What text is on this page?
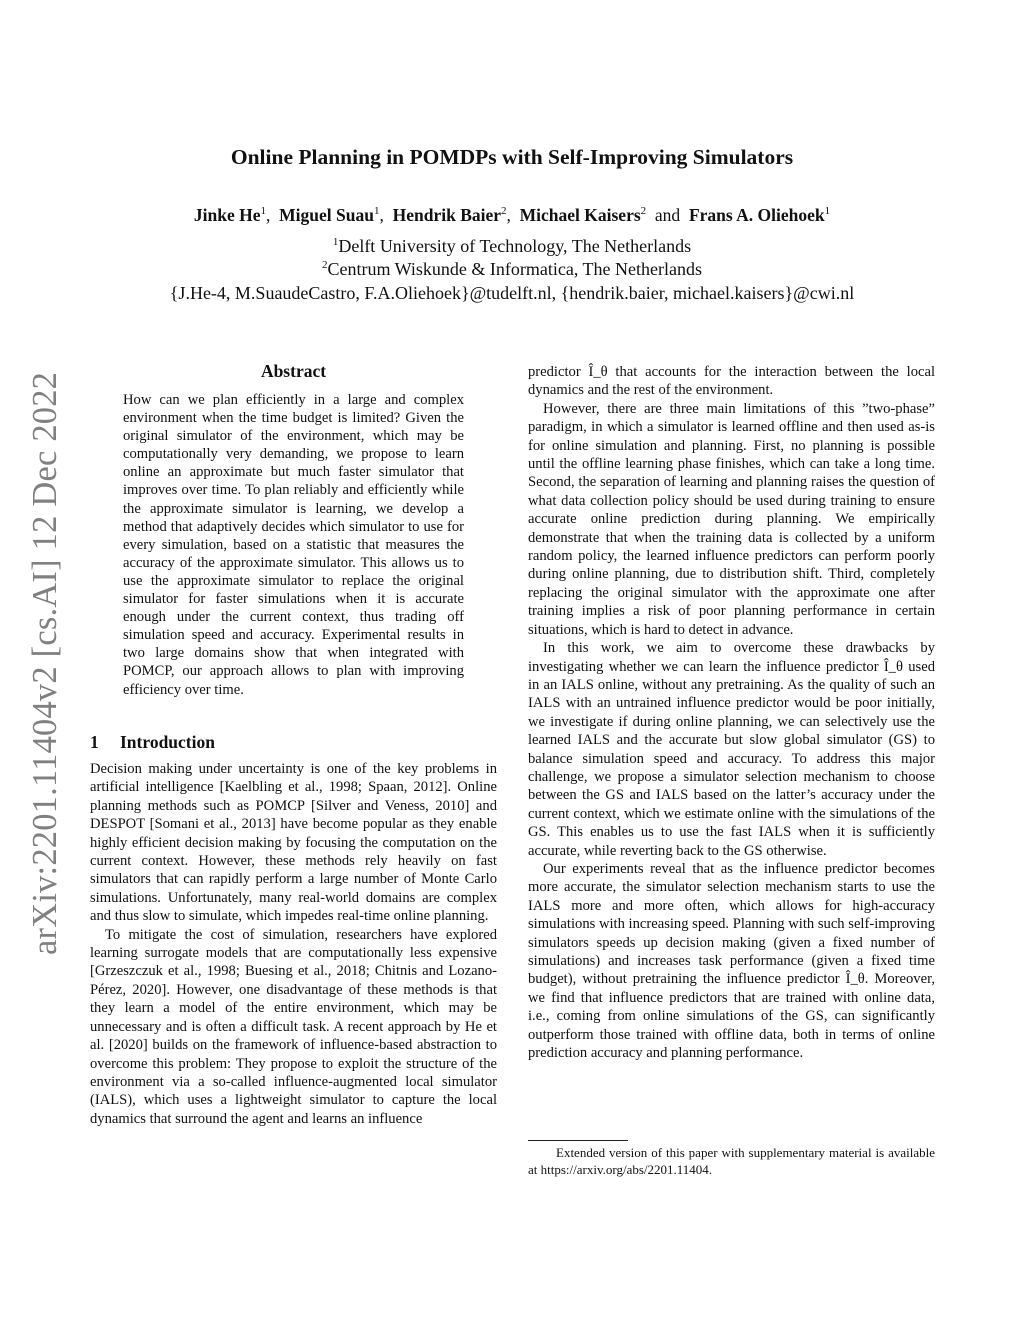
arXiv:2201.11404v2 [cs.AI] 12 Dec 2022
Online Planning in POMDPs with Self-Improving Simulators
Jinke He$^1$,  Miguel Suau$^1$,  Hendrik Baier$^2$,  Michael Kaisers$^2$ and Frans A. Oliehoek$^1$
$^1$Delft University of Technology, The Netherlands
$^2$Centrum Wiskunde & Informatica, The Netherlands
{J.He-4, M.SuaudeCastro, F.A.Oliehoek}@tudelft.nl, {hendrik.baier, michael.kaisers}@cwi.nl
Abstract
How can we plan efficiently in a large and complex environment when the time budget is limited? Given the original simulator of the environment, which may be computationally very demanding, we propose to learn online an approximate but much faster simulator that improves over time. To plan reliably and efficiently while the approximate simulator is learning, we develop a method that adaptively decides which simulator to use for every simulation, based on a statistic that measures the accuracy of the approximate simulator. This allows us to use the approximate simulator to replace the original simulator for faster simulations when it is accurate enough under the current context, thus trading off simulation speed and accuracy. Experimental results in two large domains show that when integrated with POMCP, our approach allows to plan with improving efficiency over time.
1 Introduction

Decision making under uncertainty is one of the key problems in artificial intelligence [Kaelbling et al., 1998; Spaan, 2012]. Online planning methods such as POMCP [Silver and Veness, 2010] and DESPOT [Somani et al., 2013] have become popular as they enable highly efficient decision making by focusing the computation on the current context. However, these methods rely heavily on fast simulators that can rapidly perform a large number of Monte Carlo simulations. Unfortunately, many real-world domains are complex and thus slow to simulate, which impedes real-time online planning.

To mitigate the cost of simulation, researchers have explored learning surrogate models that are computationally less expensive [Grzeszczuk et al., 1998; Buesing et al., 2018; Chitnis and Lozano-Pérez, 2020]. However, one disadvantage of these methods is that they learn a model of the entire environment, which may be unnecessary and is often a difficult task. A recent approach by He et al. [2020] builds on the framework of influence-based abstraction to overcome this problem: They propose to exploit the structure of the environment via a so-called influence-augmented local simulator (IALS), which uses a lightweight simulator to capture the local dynamics that surround the agent and learns an influence

predictor Î_θ that accounts for the interaction between the local dynamics and the rest of the environment.

However, there are three main limitations of this ”two-phase” paradigm, in which a simulator is learned offline and then used as-is for online simulation and planning. First, no planning is possible until the offline learning phase finishes, which can take a long time. Second, the separation of learning and planning raises the question of what data collection policy should be used during training to ensure accurate online prediction during planning. We empirically demonstrate that when the training data is collected by a uniform random policy, the learned influence predictors can perform poorly during online planning, due to distribution shift. Third, completely replacing the original simulator with the approximate one after training implies a risk of poor planning performance in certain situations, which is hard to detect in advance.

In this work, we aim to overcome these drawbacks by investigating whether we can learn the influence predictor Î_θ used in an IALS online, without any pretraining. As the quality of such an IALS with an untrained influence predictor would be poor initially, we investigate if during online planning, we can selectively use the learned IALS and the accurate but slow global simulator (GS) to balance simulation speed and accuracy. To address this major challenge, we propose a simulator selection mechanism to choose between the GS and IALS based on the latter’s accuracy under the current context, which we estimate online with the simulations of the GS. This enables us to use the fast IALS when it is sufficiently accurate, while reverting back to the GS otherwise.

Our experiments reveal that as the influence predictor becomes more accurate, the simulator selection mechanism starts to use the IALS more and more often, which allows for high-accuracy simulations with increasing speed. Planning with such self-improving simulators speeds up decision making (given a fixed number of simulations) and increases task performance (given a fixed time budget), without pretraining the influence predictor Î_θ. Moreover, we find that influence predictors that are trained with online data, i.e., coming from online simulations of the GS, can significantly outperform those trained with offline data, both in terms of online prediction accuracy and planning performance.

Extended version of this paper with supplementary material is available at https://arxiv.org/abs/2201.11404.
